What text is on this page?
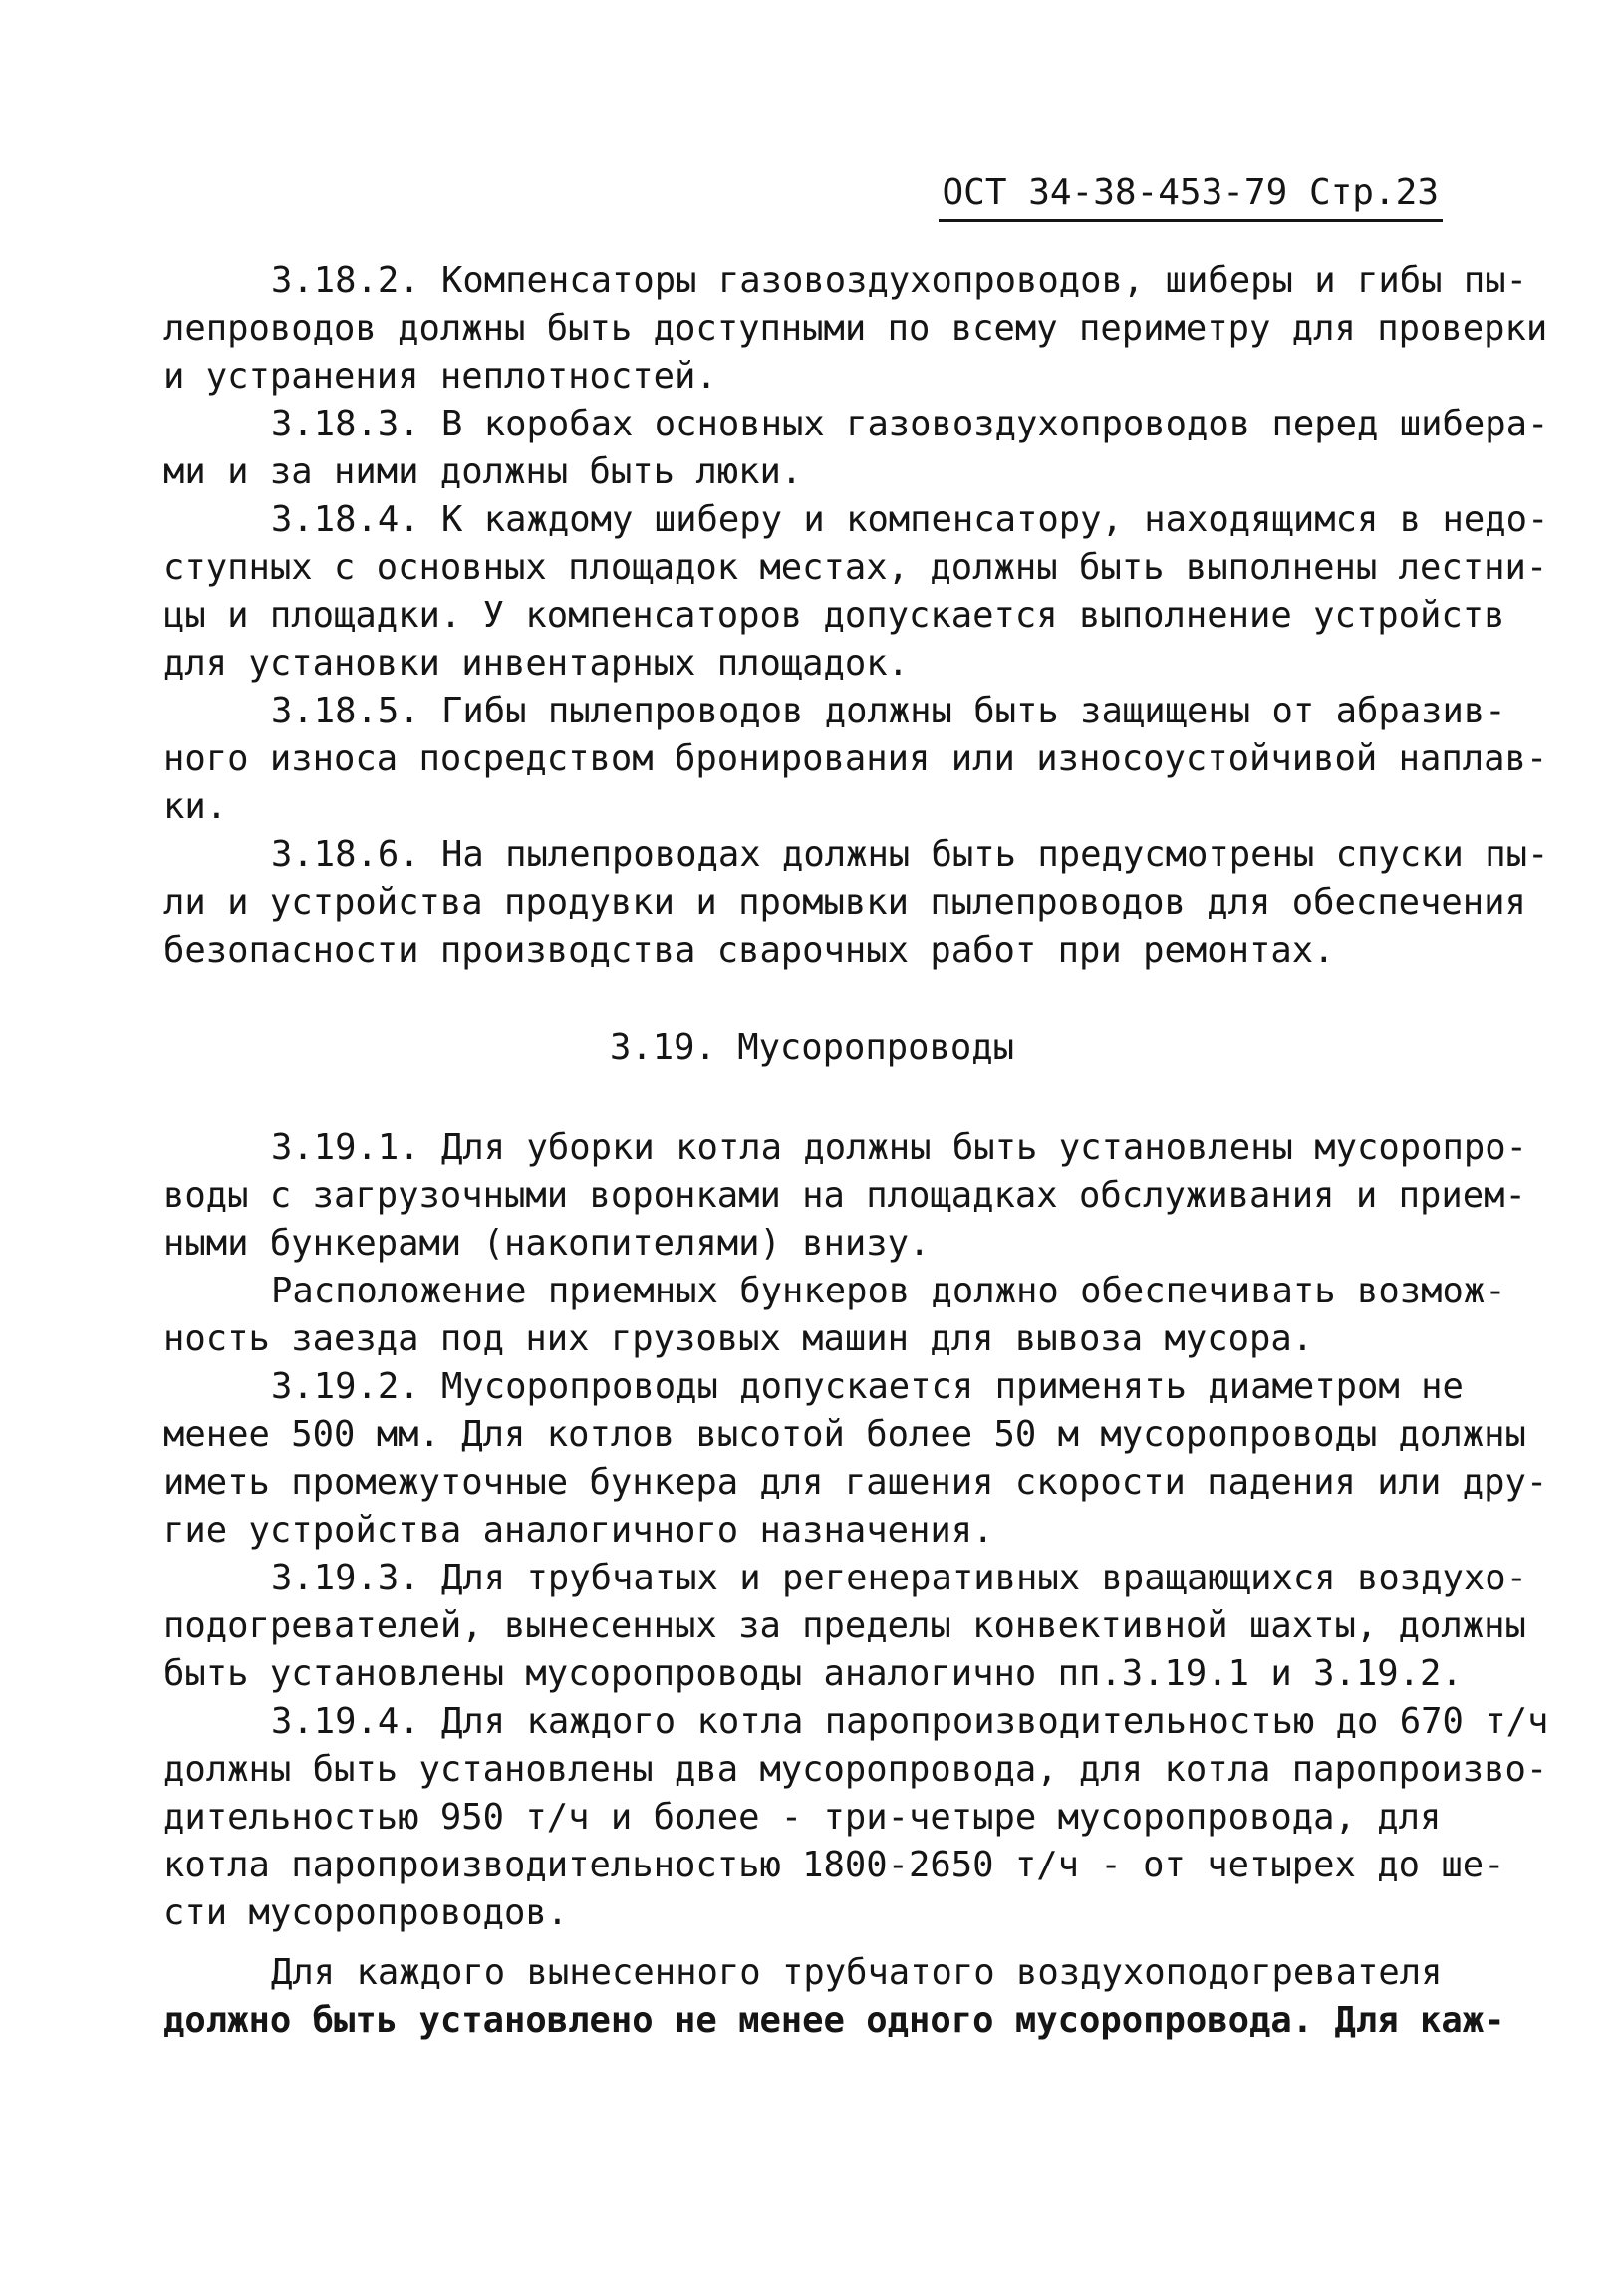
ОСТ 34-38-453-79 Стр.23
3.18.2. Компенсаторы газовоздухопроводов, шиберы и гибы пы-
лепроводов должны быть доступными по всему периметру для проверки
и устранения неплотностей.
3.18.3. В коробах основных газовоздухопроводов перед шибера-
ми и за ними должны быть люки.
3.18.4. К каждому шиберу и компенсатору, находящимся в недо-
ступных с основных площадок местах, должны быть выполнены лестни-
цы и площадки. У компенсаторов допускается выполнение устройств
для установки инвентарных площадок.
3.18.5. Гибы пылепроводов должны быть защищены от абразив-
ного износа посредством бронирования или износоустойчивой наплав-
ки.
3.18.6. На пылепроводах должны быть предусмотрены спуски пы-
ли и устройства продувки и промывки пылепроводов для обеспечения
безопасности производства сварочных работ при ремонтах.
3.19. Мусоропроводы
3.19.1. Для уборки котла должны быть установлены мусоропро-
воды с загрузочными воронками на площадках обслуживания и прием-
ными бункерами (накопителями) внизу.
Расположение приемных бункеров должно обеспечивать возмож-
ность заезда под них грузовых машин для вывоза мусора.
3.19.2. Мусоропроводы допускается применять диаметром не
менее 500 мм. Для котлов высотой более 50 м мусоропроводы должны
иметь промежуточные бункера для гашения скорости падения или дру-
гие устройства аналогичного назначения.
3.19.3. Для трубчатых и регенеративных вращающихся воздухо-
подогревателей, вынесенных за пределы конвективной шахты, должны
быть установлены мусоропроводы аналогично пп.3.19.1 и 3.19.2.
3.19.4. Для каждого котла паропроизводительностью до 670 т/ч
должны быть установлены два мусоропровода, для котла паропроизво-
дительностью 950 т/ч и более - три-четыре мусоропровода, для
котла паропроизводительностью 1800-2650 т/ч - от четырех до ше-
сти мусоропроводов.
Для каждого вынесенного трубчатого воздухоподогревателя
должно быть установлено не менее одного мусоропровода. Для каж-
